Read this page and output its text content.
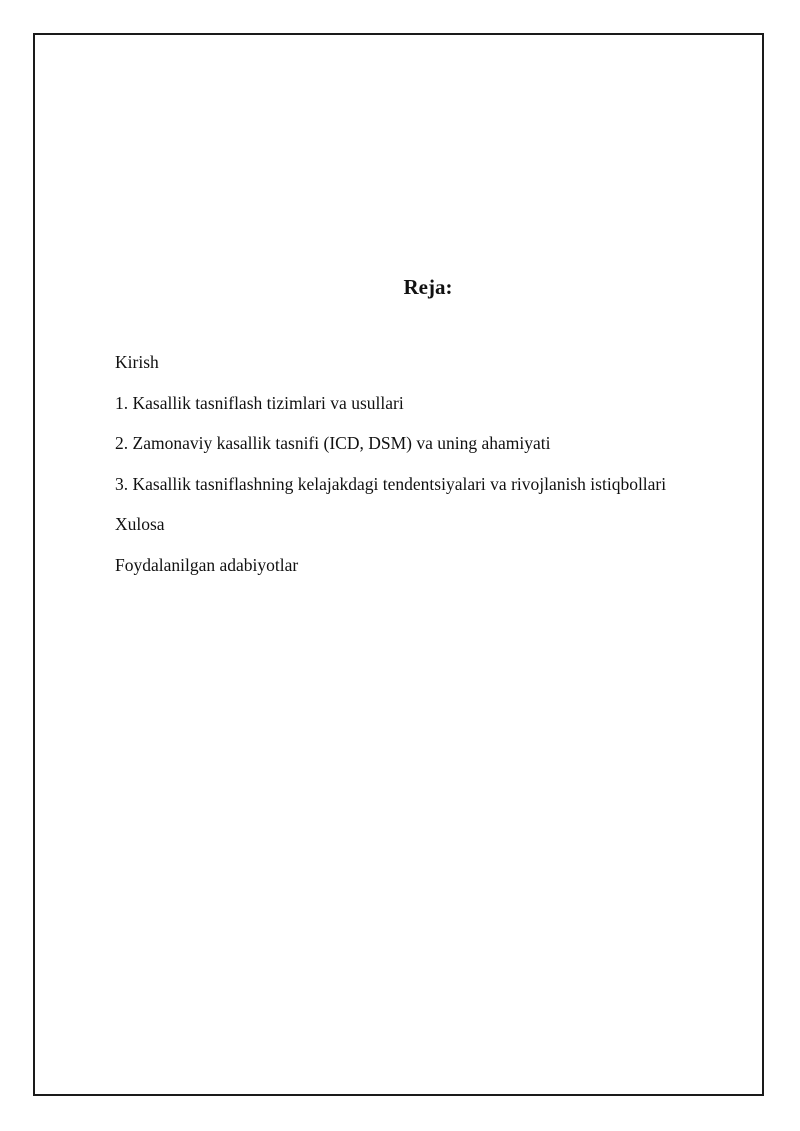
Reja:
Kirish
1. Kasallik tasniflash tizimlari va usullari
2. Zamonaviy kasallik tasnifi (ICD, DSM) va uning ahamiyati
3. Kasallik tasniflashning kelajakdagi tendentsiyalari va rivojlanish istiqbollari
Xulosa
Foydalanilgan adabiyotlar
